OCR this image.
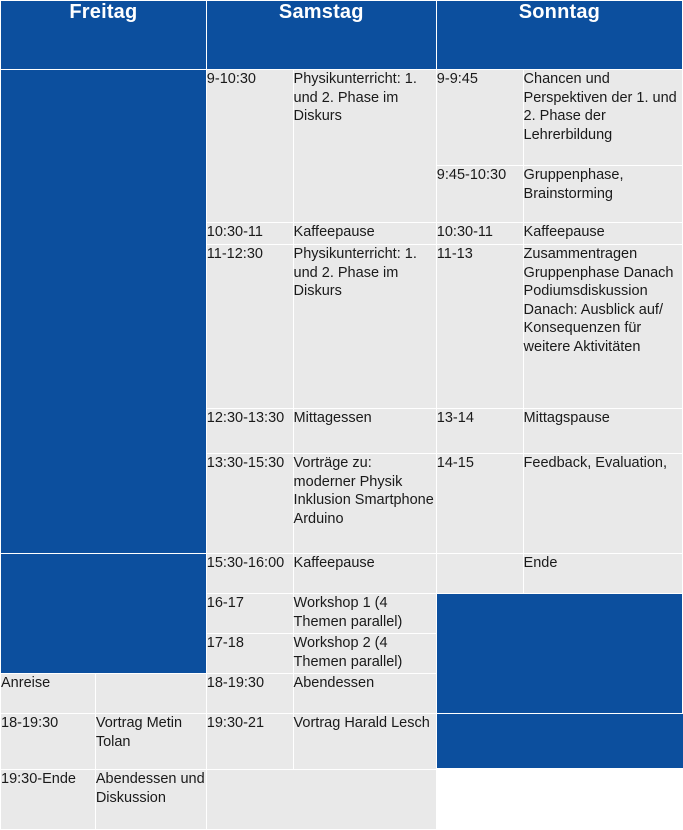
Freitag		Samstag		Sonntag	
		9-10:30	Physikunterricht: 1. und 2. Phase im Diskurs	9-9:45	Chancen und Perspektiven der 1. und 2. Phase der Lehrerbildung

				9:45-10:30	Gruppenphase, Brainstorming
		10:30-11	Kaffeepause	10:30-11	Kaffeepause
		11-12:30	Physikunterricht: 1. und 2. Phase im Diskurs	11-13	Zusammentragen Gruppenphase Danach Podiumsdiskussion Danach: Ausblick auf/ Konsequenzen für weitere Aktivitäten
		12:30-13:30	Mittagessen	13-14	Mittagspause
		13:30-15:30	Vorträge zu: moderner Physik Inklusion Smartphone Arduino	14-15	Feedback, Evaluation,
		15:30-16:00	Kaffeepause		Ende
		16-17	Workshop 1 (4 Themen parallel)		
		17-18	Workshop 2 (4 Themen parallel)		

Anreise		18-19:30	Abendessen		
18-19:30	Vortrag Metin Tolan	19:30-21	Vortrag Harald Lesch		
19:30-Ende	Abendessen und Diskussion				
